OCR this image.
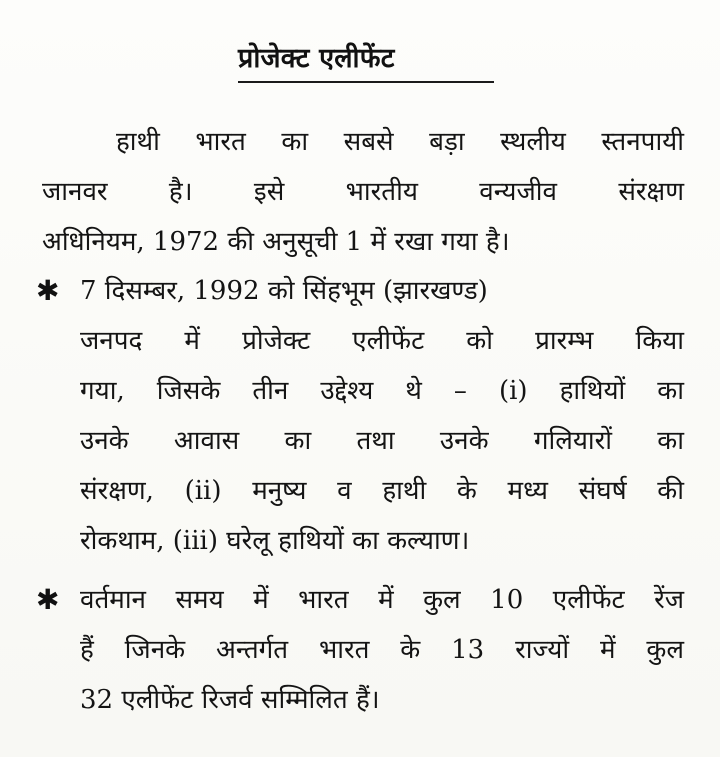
प्रोजेक्ट एलीफेंट
हाथी भारत का सबसे बड़ा स्थलीय स्तनपायी
जानवर है। इसे भारतीय वन्यजीव संरक्षण
अधिनियम, 1972 की अनुसूची 1 में रखा गया है।
✱ 7 दिसम्बर, 1992 को सिंहभूम (झारखण्ड)
जनपद में प्रोजेक्ट एलीफेंट को प्रारम्भ किया
गया, जिसके तीन उद्देश्य थे – (i) हाथियों का
उनके आवास का तथा उनके गलियारों का
संरक्षण, (ii) मनुष्य व हाथी के मध्य संघर्ष की
रोकथाम, (iii) घरेलू हाथियों का कल्याण।
✱ वर्तमान समय में भारत में कुल 10 एलीफेंट रेंज
हैं जिनके अन्तर्गत भारत के 13 राज्यों में कुल
32 एलीफेंट रिजर्व सम्मिलित हैं।
